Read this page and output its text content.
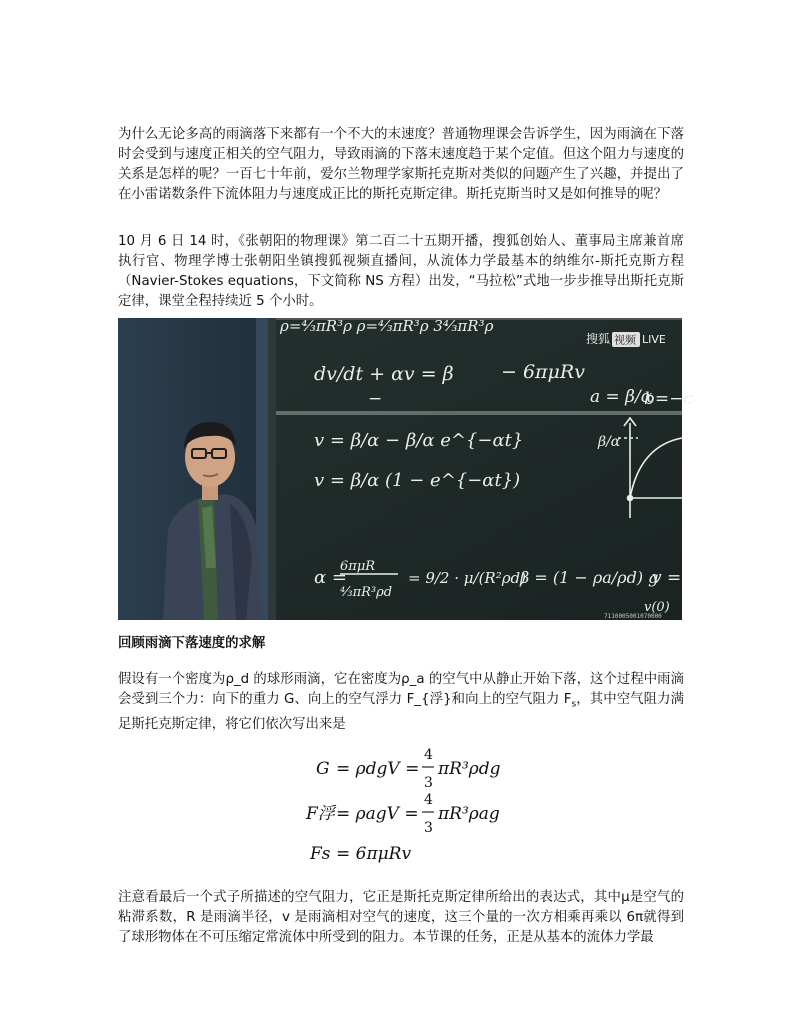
为什么无论多高的雨滴落下来都有一个不大的末速度？普通物理课会告诉学生，因为雨滴在下落时会受到与速度正相关的空气阻力，导致雨滴的下落末速度趋于某个定值。但这个阻力与速度的关系是怎样的呢？一百七十年前，爱尔兰物理学家斯托克斯对类似的问题产生了兴趣，并提出了在小雷诺数条件下流体阻力与速度成正比的斯托克斯定律。斯托克斯当时又是如何推导的呢？

10 月 6 日 14 时，《张朝阳的物理课》第二百二十五期开播，搜狐创始人、董事局主席兼首席执行官、物理学博士张朝阳坐镇搜狐视频直播间，从流体力学最基本的纳维尔-斯托克斯方程（Navier-Stokes equations，下文简称 NS 方程）出发，“马拉松”式地一步步推导出斯托克斯定律，课堂全程持续近 5 个小时。

ρ=⁴⁄₃πR³ρ ρ=⁴⁄₃πR³ρ 3⁴⁄₃πR³ρ
dv/dt + αv = β − 6πμRv
a = β/α
b=−c
−
v = β/α − β/α e^{−αt}
v = β/α (1 − e^{−αt})
β/α
α =
6πμR
⁴⁄₃πR³ρd
= 9/2 · μ/(R²ρd)
β = (1 − ρa/ρd) g
v =
v(0)
搜狐 视频 LIVE
7110005001070000

回顾雨滴下落速度的求解

假设有一个密度为ρ_d 的球形雨滴，它在密度为ρ_a 的空气中从静止开始下落，这个过程中雨滴会受到三个力：向下的重力 G、向上的空气浮力 F_{浮}和向上的空气阻力 $F_s$，其中空气阻力满足斯托克斯定律，将它们依次写出来是

G = ρdgV =
4
3
πR³ρdg
F浮 = ρagV =
4
3
πR³ρag
Fs = 6πμRv

注意看最后一个式子所描述的空气阻力，它正是斯托克斯定律所给出的表达式，其中μ是空气的粘滞系数，R 是雨滴半径，v 是雨滴相对空气的速度，这三个量的一次方相乘再乘以 6π就得到了球形物体在不可压缩定常流体中所受到的阻力。本节课的任务，正是从基本的流体力学最
